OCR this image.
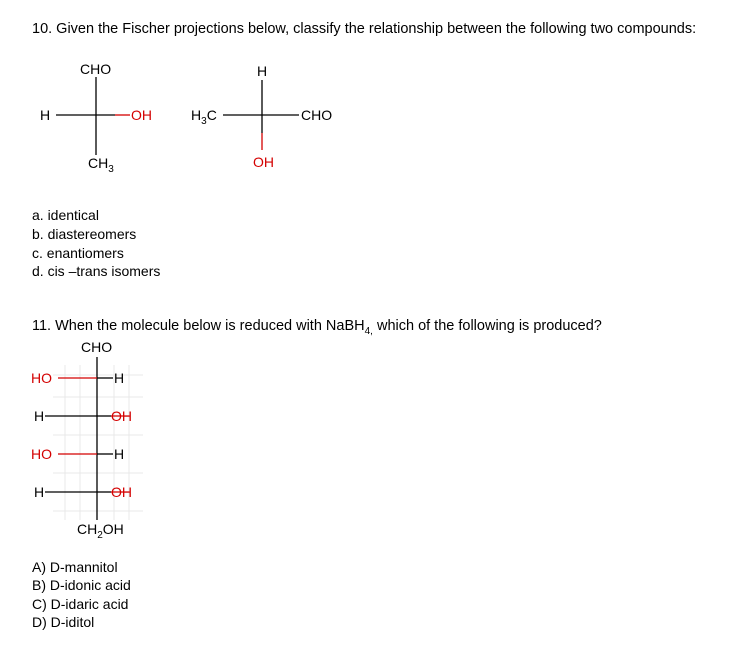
10. Given the Fischer projections below, classify the relationship between the following two compounds:
CHO
H	OH
$CH_3$
H
$H_3C$	CHO
OH
a. identical
b. diastereomers
c. enantiomers
d. cis –trans isomers
11. When the molecule below is reduced with NaBH$_{4,}$ which of the following is produced?
CHO
HO	H
H	OH
HO	H
H	OH
$CH_2OH$
A) D-mannitol
B) D-idonic acid
C) D-idaric acid
D) D-iditol
